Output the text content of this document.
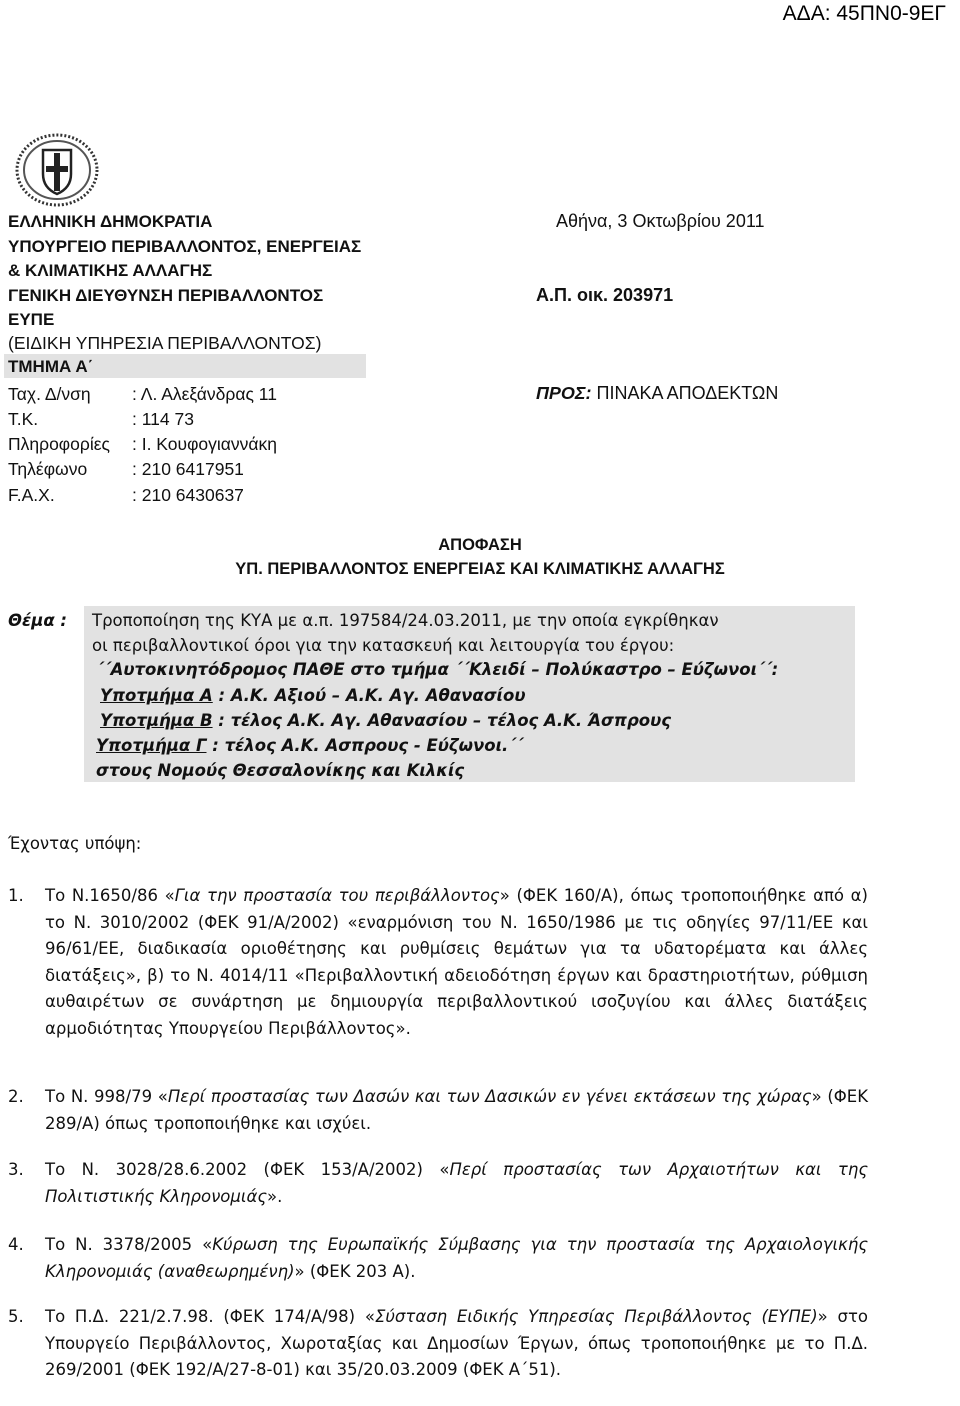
ΑΔΑ: 45ΠΝ0-9ΕΓ
ΕΛΛΗΝΙΚΗ ΔΗΜΟΚΡΑΤΙΑ
ΥΠΟΥΡΓΕΙΟ ΠΕΡΙΒΑΛΛΟΝΤΟΣ, ΕΝΕΡΓΕΙΑΣ
& ΚΛΙΜΑΤΙΚΗΣ ΑΛΛΑΓΗΣ
ΓΕΝΙΚΗ ΔΙΕΥΘΥΝΣΗ ΠΕΡΙΒΑΛΛΟΝΤΟΣ
ΕΥΠΕ
(ΕΙΔΙΚΗ ΥΠΗΡΕΣΙΑ ΠΕΡΙΒΑΛΛΟΝΤΟΣ)
ΤΜΗΜΑ Α΄
Ταχ. Δ/νση : Λ. Αλεξάνδρας 11
Τ.Κ.	: 114 73
Πληροφορίες : Ι. Κουφογιαννάκη
Τηλέφωνο	: 210 6417951
F.A.X.	: 210 6430637
Αθήνα, 3 Οκτωβρίου 2011
Α.Π. οικ. 203971
ΠΡΟΣ: ΠΙΝΑΚΑ ΑΠΟΔΕΚΤΩΝ
ΑΠΟΦΑΣΗ
ΥΠ. ΠΕΡΙΒΑΛΛΟΝΤΟΣ ΕΝΕΡΓΕΙΑΣ ΚΑΙ ΚΛΙΜΑΤΙΚΗΣ ΑΛΛΑΓΗΣ
Θέμα : Τροποποίηση της ΚΥΑ με α.π. 197584/24.03.2011, με την οποία εγκρίθηκαν
οι περιβαλλοντικοί όροι για την κατασκευή και λειτουργία του έργου:
΄΄Αυτοκινητόδρομος ΠΑΘΕ στο τμήμα ΄΄Κλειδί – Πολύκαστρο – Εύζωνοι΄΄:
Υποτμήμα Α : Α.Κ. Αξιού – Α.Κ. Αγ. Αθανασίου
Υποτμήμα Β : τέλος Α.Κ. Αγ. Αθανασίου – τέλος Α.Κ. Άσπρους
Υποτμήμα Γ : τέλος Α.Κ. Ασπρους - Εύζωνοι.΄΄
στους Νομούς Θεσσαλονίκης και Κιλκίς
Έχοντας υπόψη:
1.	Το Ν.1650/86 «Για την προστασία του περιβάλλοντος» (ΦΕΚ 160/Α), όπως τροποποιήθηκε από α) το Ν. 3010/2002 (ΦΕΚ 91/Α/2002) «εναρμόνιση του Ν. 1650/1986 με τις οδηγίες 97/11/ΕΕ και 96/61/ΕΕ, διαδικασία οριοθέτησης και ρυθμίσεις θεμάτων για τα υδατορέματα και άλλες διατάξεις», β) το Ν. 4014/11 «Περιβαλλοντική αδειοδότηση έργων και δραστηριοτήτων, ρύθμιση αυθαιρέτων σε συνάρτηση με δημιουργία περιβαλλοντικού ισοζυγίου και άλλες διατάξεις αρμοδιότητας Υπουργείου Περιβάλλοντος».
2.	Το Ν. 998/79 «Περί προστασίας των Δασών και των Δασικών εν γένει εκτάσεων της χώρας» (ΦΕΚ 289/Α) όπως τροποποιήθηκε και ισχύει.
3.	Το Ν. 3028/28.6.2002 (ΦΕΚ 153/Α/2002) «Περί προστασίας των Αρχαιοτήτων και της Πολιτιστικής Κληρονομιάς».
4.	Το Ν. 3378/2005 «Κύρωση της Ευρωπαϊκής Σύμβασης για την προστασία της Αρχαιολογικής Κληρονομιάς (αναθεωρημένη)» (ΦΕΚ 203 Α).
5.	Το Π.Δ. 221/2.7.98. (ΦΕΚ 174/Α/98) «Σύσταση Ειδικής Υπηρεσίας Περιβάλλοντος (ΕΥΠΕ)» στο Υπουργείο Περιβάλλοντος, Χωροταξίας και Δημοσίων Έργων, όπως τροποποιήθηκε με το Π.Δ. 269/2001 (ΦΕΚ 192/Α/27-8-01) και 35/20.03.2009 (ΦΕΚ Α΄51).
